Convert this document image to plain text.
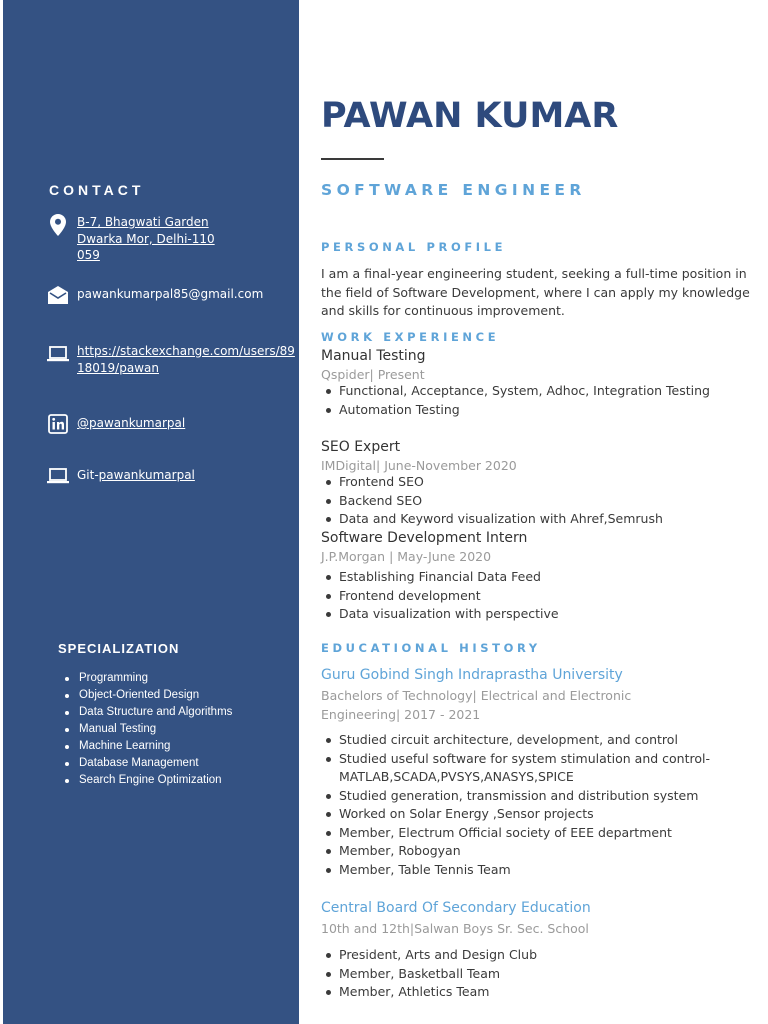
CONTACT
B-7, Bhagwati Garden Dwarka Mor, Delhi-110059
pawankumarpal85@gmail.com
https://stackexchange.com/users/8918019/pawan
@pawankumarpal
Git-pawankumarpal
SPECIALIZATION
Programming
Object-Oriented Design
Data Structure and Algorithms
Manual Testing
Machine Learning
Database Management
Search Engine Optimization
PAWAN KUMAR
SOFTWARE ENGINEER
PERSONAL PROFILE
I am a final-year engineering student, seeking a full-time position in the field of Software Development, where I can apply my knowledge and skills for continuous improvement.
WORK EXPERIENCE
Manual Testing
Qspider| Present
Functional, Acceptance, System, Adhoc, Integration Testing
Automation Testing
SEO Expert
IMDigital| June-November 2020
Frontend SEO
Backend SEO
Data and Keyword visualization with Ahref,Semrush
Software Development Intern
J.P.Morgan | May-June 2020
Establishing Financial Data Feed
Frontend development
Data visualization with perspective
EDUCATIONAL HISTORY
Guru Gobind Singh Indraprastha University
Bachelors of Technology| Electrical and Electronic Engineering| 2017 - 2021
Studied circuit architecture, development, and control
Studied useful software for system stimulation and control-MATLAB,SCADA,PVSYS,ANASYS,SPICE
Studied generation, transmission and distribution system
Worked on Solar Energy ,Sensor projects
Member, Electrum Official society of EEE department
Member, Robogyan
Member, Table Tennis Team
Central Board Of Secondary Education
10th and 12th|Salwan Boys Sr. Sec. School
President, Arts and Design Club
Member, Basketball Team
Member, Athletics Team
